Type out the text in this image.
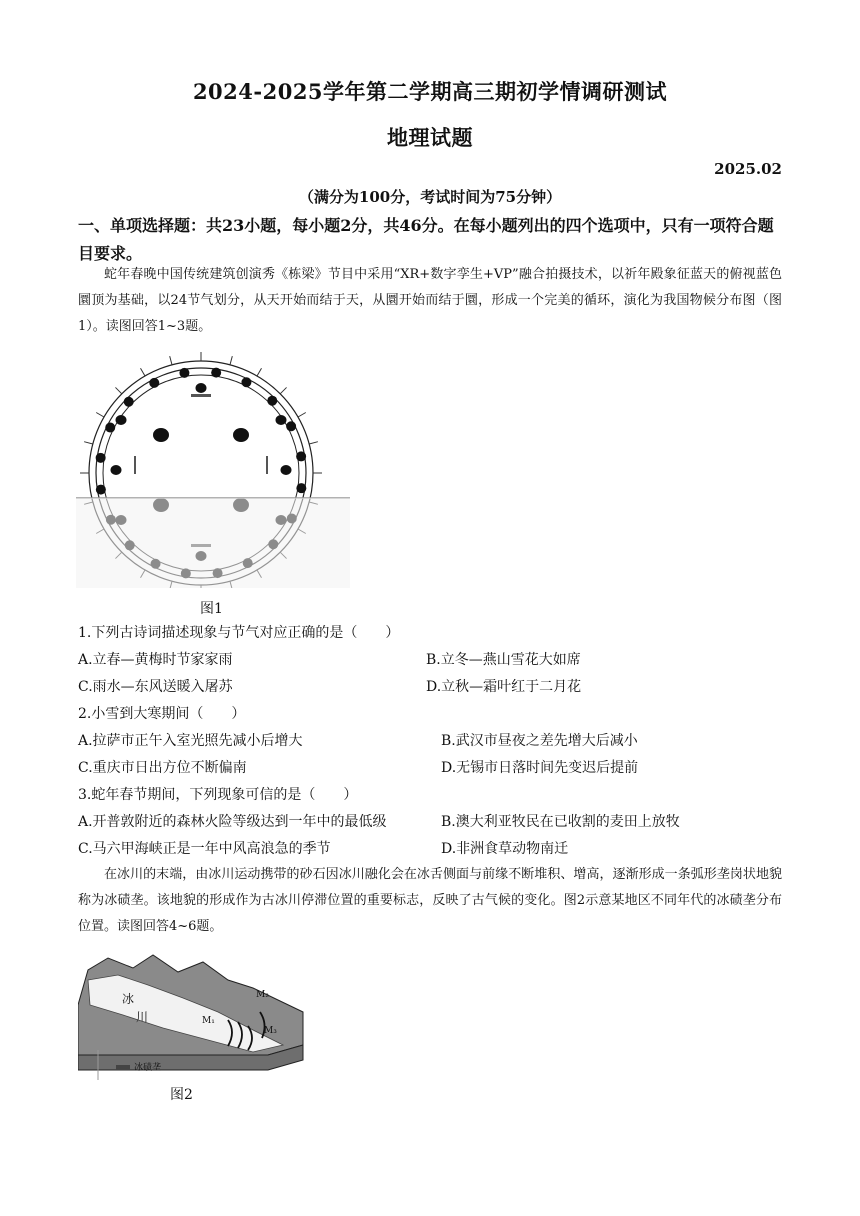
2024-2025学年第二学期高三期初学情调研测试
地理试题
2025.02
（满分为100分，考试时间为75分钟）
一、单项选择题：共23小题，每小题2分，共46分。在每小题列出的四个选项中，只有一项符合题目要求。
蛇年春晚中国传统建筑创演秀《栋梁》节目中采用“XR+数字孪生+VP”融合拍摄技术，以祈年殿象征蓝天的俯视蓝色圜顶为基础，以24节气划分，从天开始而结于天，从圜开始而结于圜，形成一个完美的循环，演化为我国物候分布图（图1）。读图回答1~3题。
图1
1.下列古诗词描述现象与节气对应正确的是（　　）
A.立春—黄梅时节家家雨	B.立冬—燕山雪花大如席
C.雨水—东风送暖入屠苏	D.立秋—霜叶红于二月花
2.小雪到大寒期间（　　）
A.拉萨市正午入室光照先减小后增大	B.武汉市昼夜之差先增大后减小
C.重庆市日出方位不断偏南	D.无锡市日落时间先变迟后提前
3.蛇年春节期间，下列现象可信的是（　　）
A.开普敦附近的森林火险等级达到一年中的最低级	B.澳大利亚牧民在已收割的麦田上放牧
C.马六甲海峡正是一年中风高浪急的季节	D.非洲食草动物南迁
在冰川的末端，由冰川运动携带的砂石因冰川融化会在冰舌侧面与前缘不断堆积、增高，逐渐形成一条弧形垄岗状地貌称为冰碛垄。该地貌的形成作为古冰川停滞位置的重要标志，反映了古气候的变化。图2示意某地区不同年代的冰碛垄分布位置。读图回答4~6题。
冰
川	M₁
M₂
M₃
冰碛垄
图2
